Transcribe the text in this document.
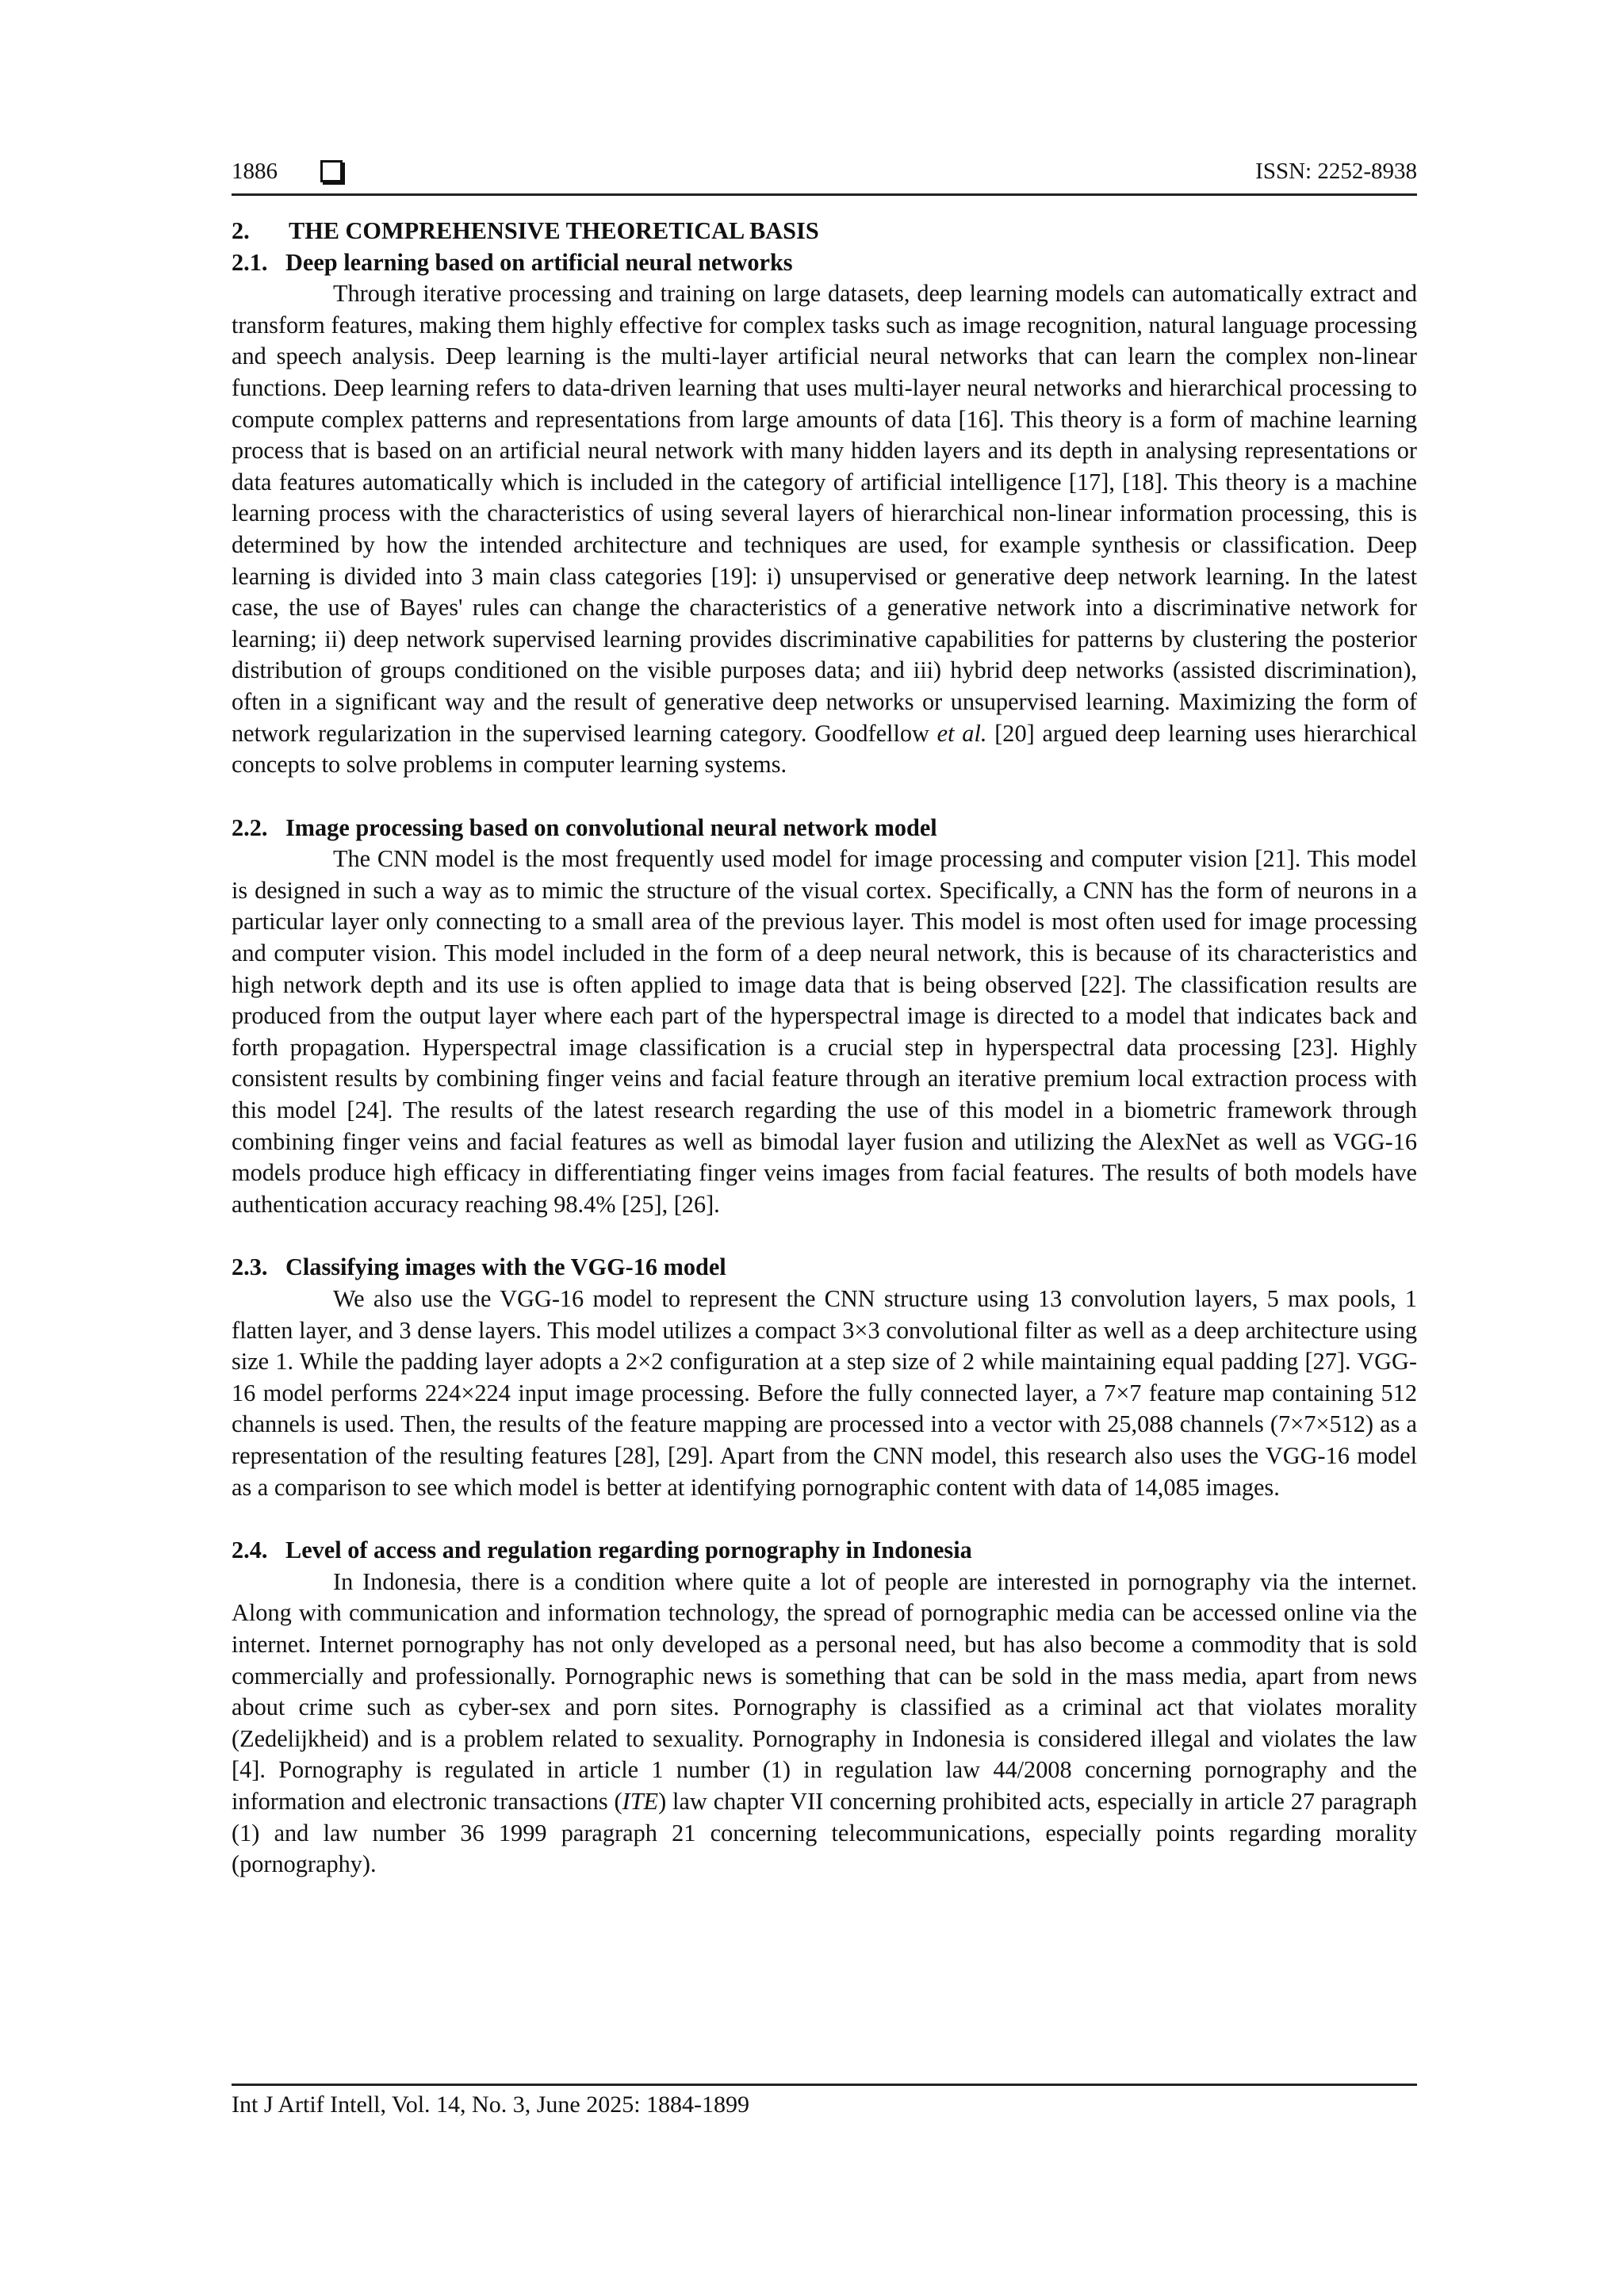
1886	ISSN: 2252-8938
2. THE COMPREHENSIVE THEORETICAL BASIS
2.1. Deep learning based on artificial neural networks

Through iterative processing and training on large datasets, deep learning models can automatically extract and transform features, making them highly effective for complex tasks such as image recognition, natural language processing and speech analysis. Deep learning is the multi-layer artificial neural networks that can learn the complex non-linear functions. Deep learning refers to data-driven learning that uses multi-layer neural networks and hierarchical processing to compute complex patterns and representations from large amounts of data [16]. This theory is a form of machine learning process that is based on an artificial neural network with many hidden layers and its depth in analysing representations or data features automatically which is included in the category of artificial intelligence [17], [18]. This theory is a machine learning process with the characteristics of using several layers of hierarchical non-linear information processing, this is determined by how the intended architecture and techniques are used, for example synthesis or classification. Deep learning is divided into 3 main class categories [19]: i) unsupervised or generative deep network learning. In the latest case, the use of Bayes' rules can change the characteristics of a generative network into a discriminative network for learning; ii) deep network supervised learning provides discriminative capabilities for patterns by clustering the posterior distribution of groups conditioned on the visible purposes data; and iii) hybrid deep networks (assisted discrimination), often in a significant way and the result of generative deep networks or unsupervised learning. Maximizing the form of network regularization in the supervised learning category. Goodfellow et al. [20] argued deep learning uses hierarchical concepts to solve problems in computer learning systems.

2.2. Image processing based on convolutional neural network model

The CNN model is the most frequently used model for image processing and computer vision [21]. This model is designed in such a way as to mimic the structure of the visual cortex. Specifically, a CNN has the form of neurons in a particular layer only connecting to a small area of the previous layer. This model is most often used for image processing and computer vision. This model included in the form of a deep neural network, this is because of its characteristics and high network depth and its use is often applied to image data that is being observed [22]. The classification results are produced from the output layer where each part of the hyperspectral image is directed to a model that indicates back and forth propagation. Hyperspectral image classification is a crucial step in hyperspectral data processing [23]. Highly consistent results by combining finger veins and facial feature through an iterative premium local extraction process with this model [24]. The results of the latest research regarding the use of this model in a biometric framework through combining finger veins and facial features as well as bimodal layer fusion and utilizing the AlexNet as well as VGG-16 models produce high efficacy in differentiating finger veins images from facial features. The results of both models have authentication accuracy reaching 98.4% [25], [26].

2.3. Classifying images with the VGG-16 model

We also use the VGG-16 model to represent the CNN structure using 13 convolution layers, 5 max pools, 1 flatten layer, and 3 dense layers. This model utilizes a compact 3×3 convolutional filter as well as a deep architecture using size 1. While the padding layer adopts a 2×2 configuration at a step size of 2 while maintaining equal padding [27]. VGG-16 model performs 224×224 input image processing. Before the fully connected layer, a 7×7 feature map containing 512 channels is used. Then, the results of the feature mapping are processed into a vector with 25,088 channels (7×7×512) as a representation of the resulting features [28], [29]. Apart from the CNN model, this research also uses the VGG-16 model as a comparison to see which model is better at identifying pornographic content with data of 14,085 images.

2.4. Level of access and regulation regarding pornography in Indonesia

In Indonesia, there is a condition where quite a lot of people are interested in pornography via the internet. Along with communication and information technology, the spread of pornographic media can be accessed online via the internet. Internet pornography has not only developed as a personal need, but has also become a commodity that is sold commercially and professionally. Pornographic news is something that can be sold in the mass media, apart from news about crime such as cyber-sex and porn sites. Pornography is classified as a criminal act that violates morality (Zedelijkheid) and is a problem related to sexuality. Pornography in Indonesia is considered illegal and violates the law [4]. Pornography is regulated in article 1 number (1) in regulation law 44/2008 concerning pornography and the information and electronic transactions (ITE) law chapter VII concerning prohibited acts, especially in article 27 paragraph (1) and law number 36 1999 paragraph 21 concerning telecommunications, especially points regarding morality (pornography).

Int J Artif Intell, Vol. 14, No. 3, June 2025: 1884-1899
